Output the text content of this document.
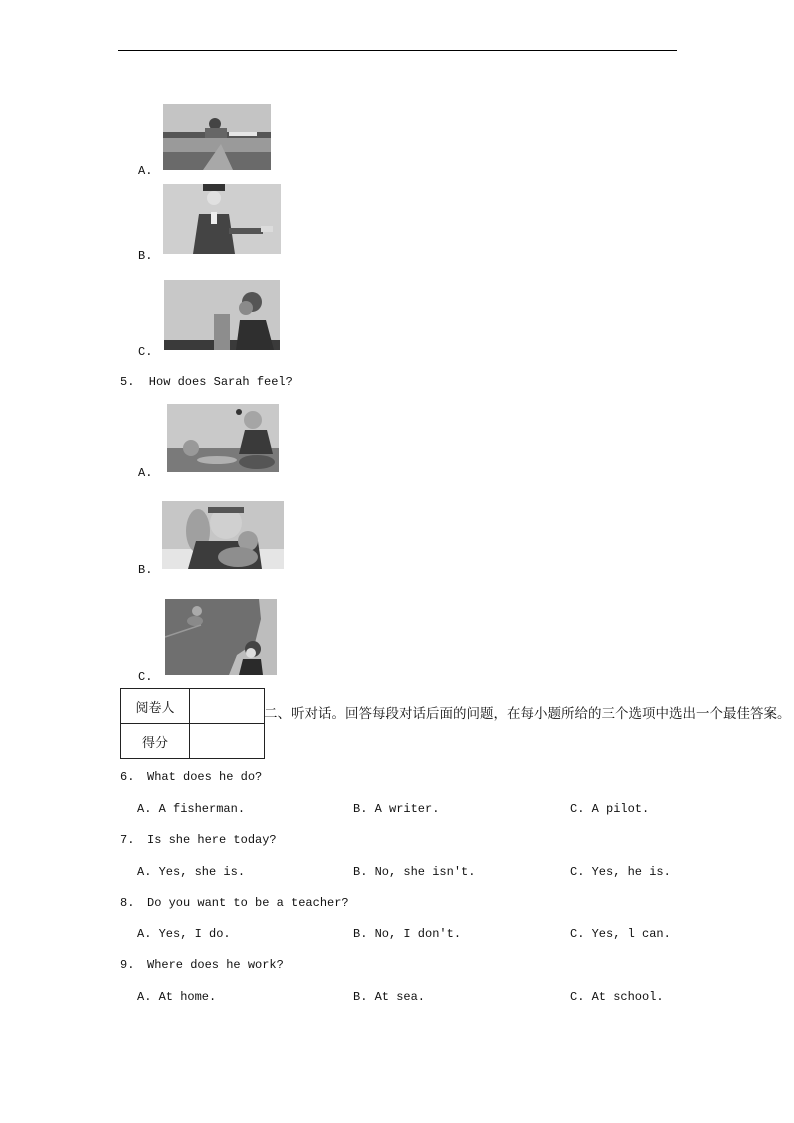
A.
B.
C.
5.  How does Sarah feel?
A.
B.
C.
阅卷人	
得分	
二、听对话。回答每段对话后面的问题，在每小题所给的三个选项中选出一个最佳答案。
6. What does he do?
A. A fisherman.	B. A writer.	C. A pilot.
7. Is she here today?
A. Yes, she is.	B. No, she isn't.	C. Yes, he is.
8. Do you want to be a teacher?
A. Yes, I do.	B. No, I don't.	C. Yes, l can.
9. Where does he work?
A. At home.	B. At sea.	C. At school.
